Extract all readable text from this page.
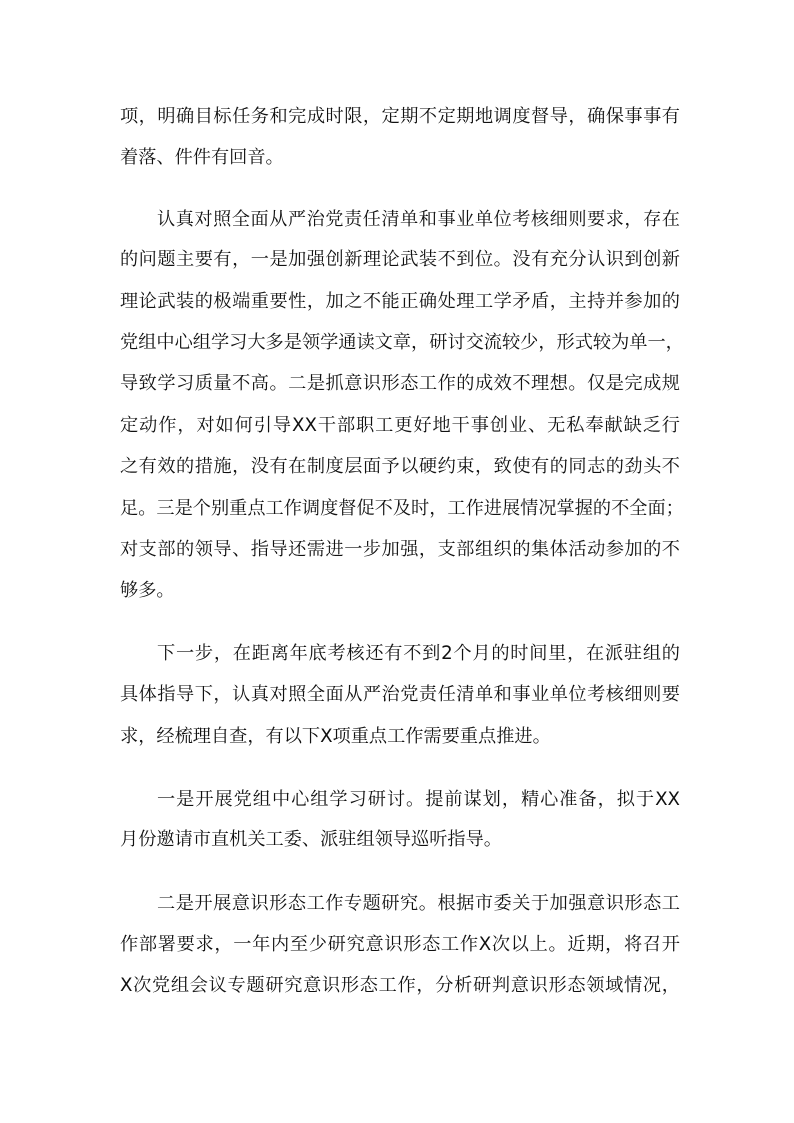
项，明确目标任务和完成时限，定期不定期地调度督导，确保事事有
着落、件件有回音。
认真对照全面从严治党责任清单和事业单位考核细则要求，存在
的问题主要有，一是加强创新理论武装不到位。没有充分认识到创新
理论武装的极端重要性，加之不能正确处理工学矛盾，主持并参加的
党组中心组学习大多是领学通读文章，研讨交流较少，形式较为单一，
导致学习质量不高。二是抓意识形态工作的成效不理想。仅是完成规
定动作，对如何引导XX干部职工更好地干事创业、无私奉献缺乏行
之有效的措施，没有在制度层面予以硬约束，致使有的同志的劲头不
足。三是个别重点工作调度督促不及时，工作进展情况掌握的不全面；
对支部的领导、指导还需进一步加强，支部组织的集体活动参加的不
够多。
下一步，在距离年底考核还有不到2个月的时间里，在派驻组的
具体指导下，认真对照全面从严治党责任清单和事业单位考核细则要
求，经梳理自查，有以下X项重点工作需要重点推进。
一是开展党组中心组学习研讨。提前谋划，精心准备，拟于XX
月份邀请市直机关工委、派驻组领导巡听指导。
二是开展意识形态工作专题研究。根据市委关于加强意识形态工
作部署要求，一年内至少研究意识形态工作X次以上。近期，将召开
X次党组会议专题研究意识形态工作，分析研判意识形态领域情况，
